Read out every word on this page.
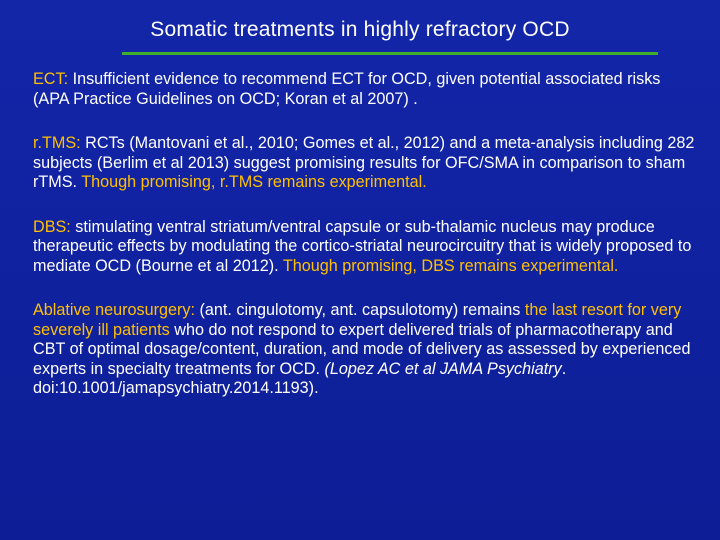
Somatic treatments in highly refractory OCD

ECT: Insufficient evidence to recommend ECT for OCD, given potential associated risks (APA Practice Guidelines on OCD; Koran et al 2007) .

r.TMS: RCTs (Mantovani et al., 2010; Gomes et al., 2012) and a meta-analysis including 282 subjects (Berlim et al 2013) suggest promising results for OFC/SMA in comparison to sham rTMS. Though promising, r.TMS remains experimental.

DBS: stimulating ventral striatum/ventral capsule or sub-thalamic nucleus may produce therapeutic effects by modulating the cortico-striatal neurocircuitry that is widely proposed to mediate OCD (Bourne et al 2012). Though promising, DBS remains experimental.

Ablative neurosurgery: (ant. cingulotomy, ant. capsulotomy) remains the last resort for very severely ill patients who do not respond to expert delivered trials of pharmacotherapy and CBT of optimal dosage/content, duration, and mode of delivery as assessed by experienced experts in specialty treatments for OCD. (Lopez AC et al JAMA Psychiatry. doi:10.1001/jamapsychiatry.2014.1193).
